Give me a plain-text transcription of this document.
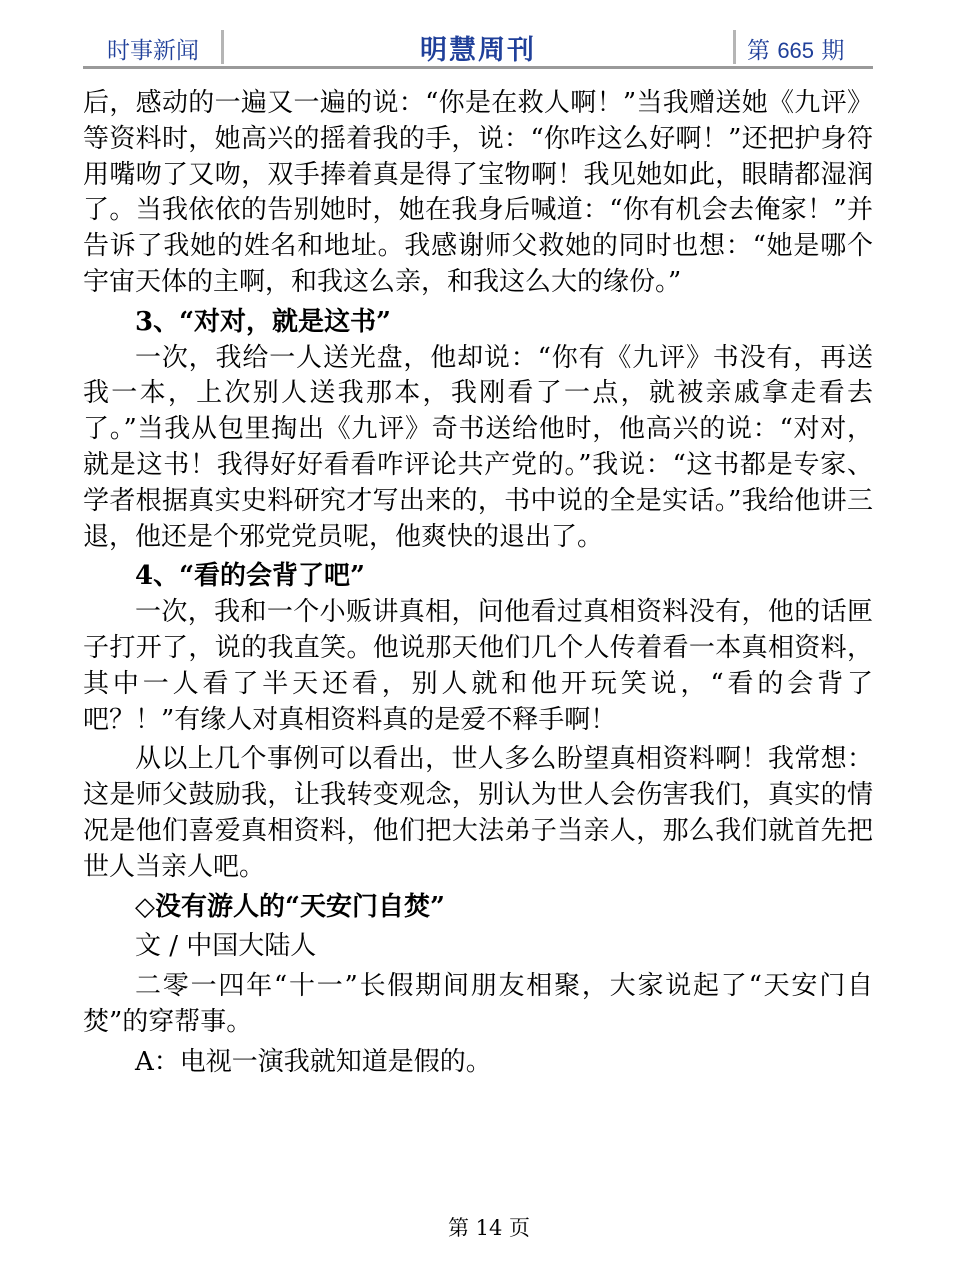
时事新闻	明慧周刊	第 665 期

后，感动的一遍又一遍的说：“你是在救人啊！”当我赠送她《九评》等资料时，她高兴的摇着我的手，说：“你咋这么好啊！”还把护身符用嘴吻了又吻，双手捧着真是得了宝物啊！我见她如此，眼睛都湿润了。当我依依的告别她时，她在我身后喊道：“你有机会去俺家！”并告诉了我她的姓名和地址。我感谢师父救她的同时也想：“她是哪个宇宙天体的主啊，和我这么亲，和我这么大的缘份。”

3、“对对，就是这书”

一次，我给一人送光盘，他却说：“你有《九评》书没有，再送我一本，上次别人送我那本，我刚看了一点，就被亲戚拿走看去了。”当我从包里掏出《九评》奇书送给他时，他高兴的说：“对对，就是这书！我得好好看看咋评论共产党的。”我说：“这书都是专家、学者根据真实史料研究才写出来的，书中说的全是实话。”我给他讲三退，他还是个邪党党员呢，他爽快的退出了。

4、“看的会背了吧”

一次，我和一个小贩讲真相，问他看过真相资料没有，他的话匣子打开了，说的我直笑。他说那天他们几个人传着看一本真相资料，其中一人看了半天还看，别人就和他开玩笑说，“看的会背了吧？！”有缘人对真相资料真的是爱不释手啊！

从以上几个事例可以看出，世人多么盼望真相资料啊！我常想：这是师父鼓励我，让我转变观念，别认为世人会伤害我们，真实的情况是他们喜爱真相资料，他们把大法弟子当亲人，那么我们就首先把世人当亲人吧。

◇没有游人的“天安门自焚”

文 / 中国大陆人

二零一四年“十一”长假期间朋友相聚，大家说起了“天安门自焚”的穿帮事。

A：电视一演我就知道是假的。

第 14 页
